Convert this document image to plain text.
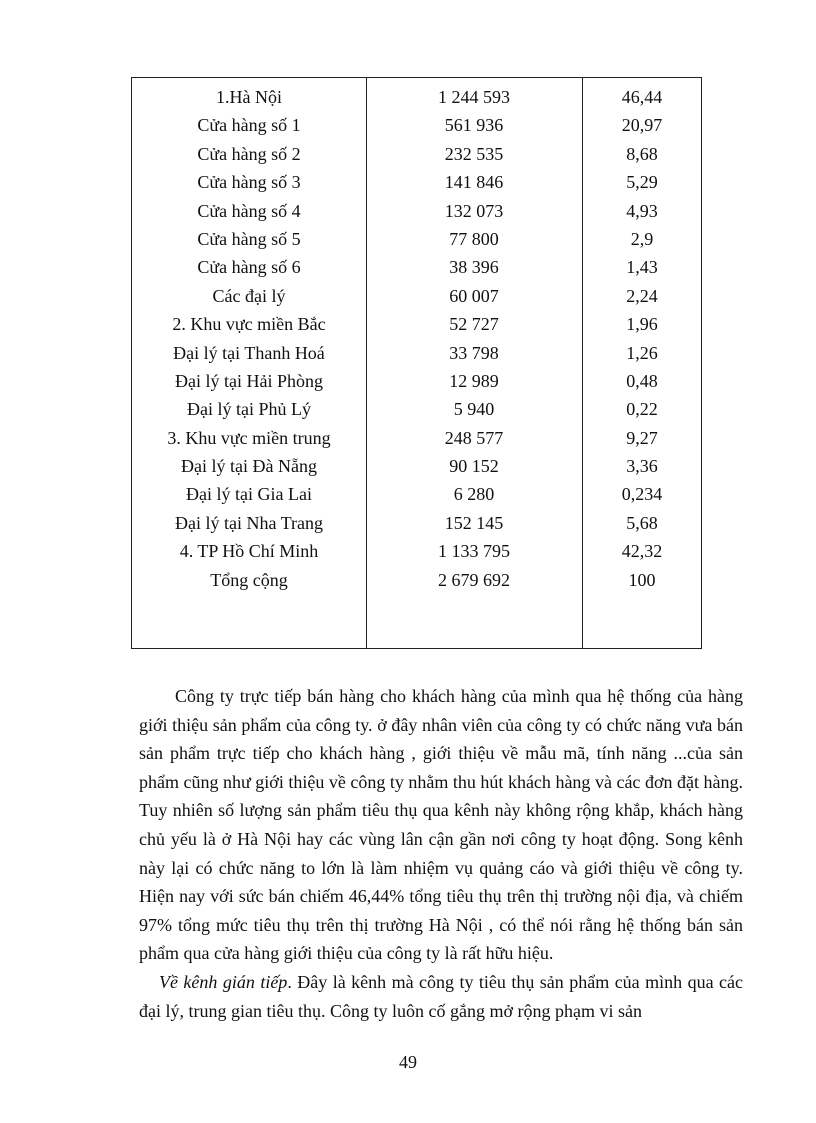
1.Hà Nội	1 244 593	46,44
Cửa hàng số 1	561 936	20,97
Cửa hàng số 2	232 535	8,68
Cửa hàng số 3	141 846	5,29
Cửa hàng số 4	132 073	4,93
Cửa hàng số 5	77 800	2,9
Cửa hàng số 6	38 396	1,43
Các đại lý	60 007	2,24
2. Khu vực miền Bắc	52 727	1,96
Đại lý tại Thanh Hoá	33 798	1,26
Đại lý tại Hải Phòng	12 989	0,48
Đại lý tại Phủ Lý	5 940	0,22
3. Khu vực miền trung	248 577	9,27
Đại lý tại Đà Nẵng	90 152	3,36
Đại lý tại Gia Lai	6 280	0,234
Đại lý tại Nha Trang	152 145	5,68
4. TP Hồ Chí Minh	1 133 795	42,32
Tổng cộng	2 679 692	100

Công ty trực tiếp bán hàng cho khách hàng của mình qua hệ thống của hàng giới thiệu sản phẩm của công ty. ở đây nhân viên của công ty có chức năng vưa bán sản phẩm trực tiếp cho khách hàng , giới thiệu về mẫu mã, tính năng ...của sản phẩm cũng như giới thiệu về công ty nhằm thu hút khách hàng và các đơn đặt hàng. Tuy nhiên số lượng sản phẩm tiêu thụ qua kênh này không rộng khắp, khách hàng chủ yếu là ở Hà Nội hay các vùng lân cận gần nơi công ty hoạt động. Song kênh này lại có chức năng to lớn là làm nhiệm vụ quảng cáo và giới thiệu về công ty. Hiện nay với sức bán chiếm 46,44% tổng tiêu thụ trên thị trường nội địa, và chiếm 97% tổng mức tiêu thụ trên thị trường Hà Nội , có thể nói rằng hệ thống bán sản phẩm qua cửa hàng giới thiệu của công ty là rất hữu hiệu.

Về kênh gián tiếp. Đây là kênh mà công ty tiêu thụ sản phẩm của mình qua các đại lý, trung gian tiêu thụ. Công ty luôn cố gắng mở rộng phạm vi sản

49
